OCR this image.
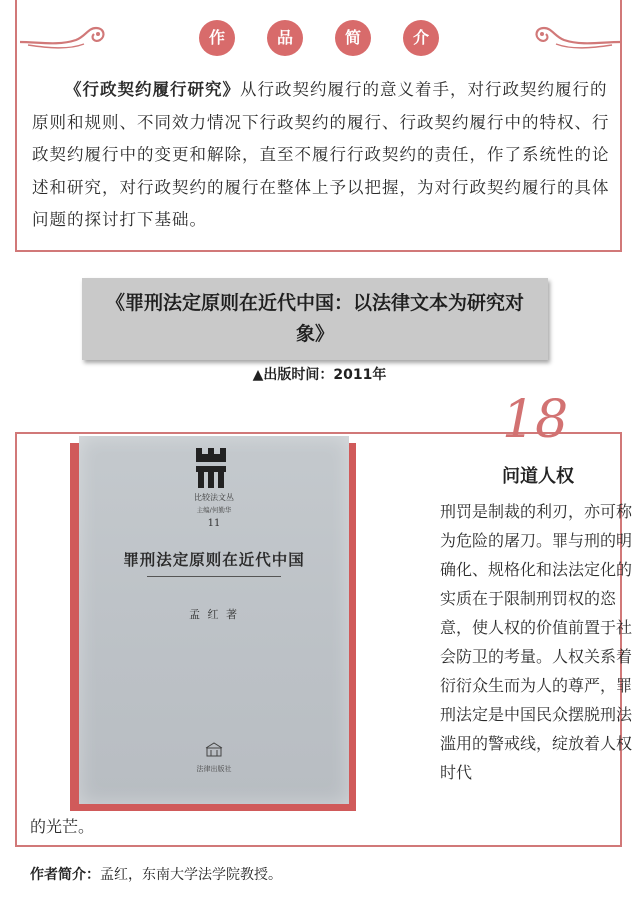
作	品	简	介

《行政契约履行研究》从行政契约履行的意义着手，对行政契约履行的原则和规则、不同效力情况下行政契约的履行、行政契约履行中的特权、行政契约履行中的变更和解除，直至不履行行政契约的责任，作了系统性的论述和研究，对行政契约的履行在整体上予以把握，为对行政契约履行的具体问题的探讨打下基础。

《罪刑法定原则在近代中国：以法律文本为研究对象》
▲出版时间：2011年
18
比较法文丛
主编/何勤华
11
罪刑法定原则在近代中国
孟 红 著
法律出版社
问道人权

刑罚是制裁的利刃，亦可称为危险的屠刀。罪与刑的明确化、规格化和法法定化的实质在于限制刑罚权的恣意，使人权的价值前置于社会防卫的考量。人权关系着衍衍众生而为人的尊严，罪刑法定是中国民众摆脱刑法滥用的警戒线，绽放着人权时代

的光芒。
作者简介：孟红，东南大学法学院教授。
